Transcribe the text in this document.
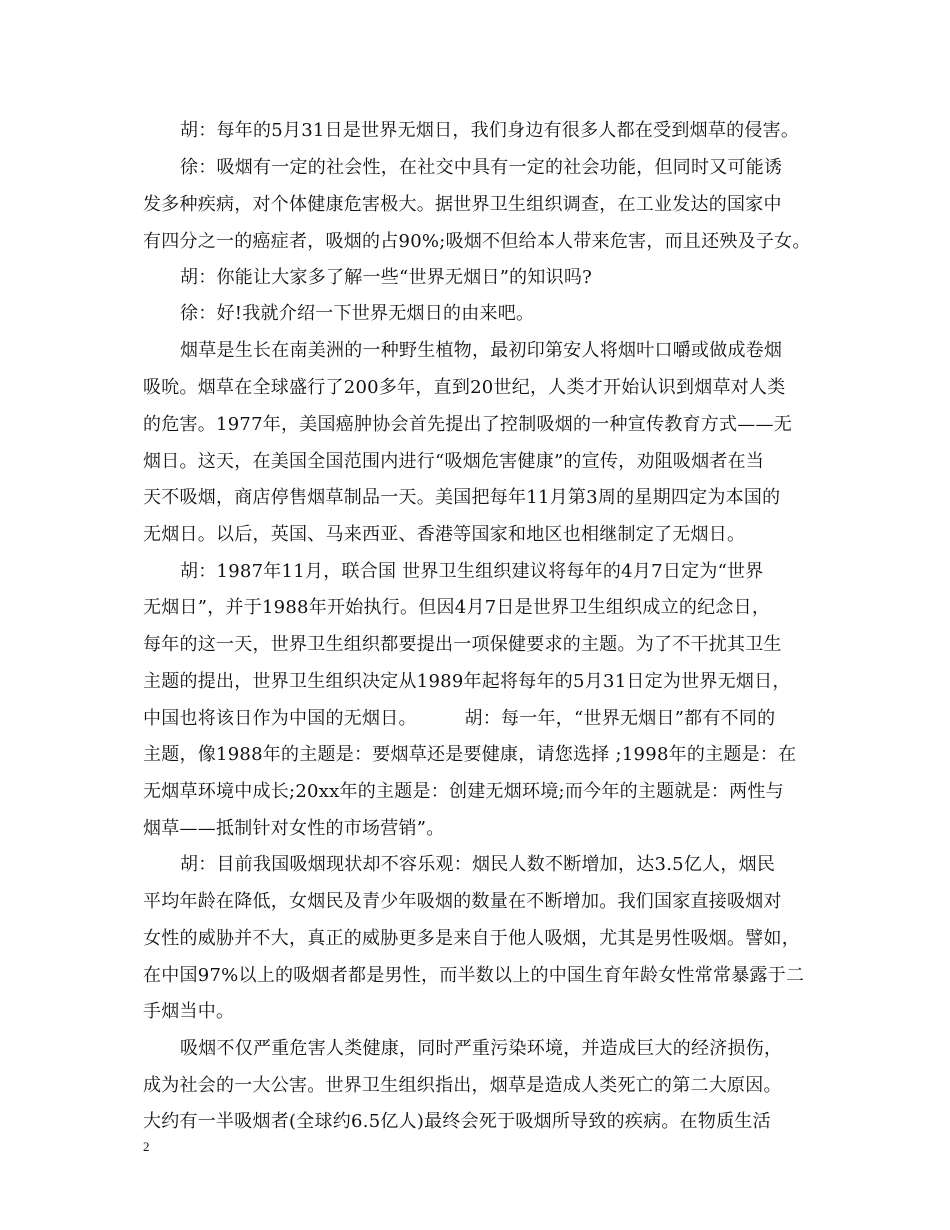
胡：每年的5月31日是世界无烟日，我们身边有很多人都在受到烟草的侵害。
徐：吸烟有一定的社会性，在社交中具有一定的社会功能，但同时又可能诱
发多种疾病，对个体健康危害极大。据世界卫生组织调查，在工业发达的国家中
有四分之一的癌症者，吸烟的占90%;吸烟不但给本人带来危害，而且还殃及子女。
胡：你能让大家多了解一些“世界无烟日”的知识吗?
徐：好!我就介绍一下世界无烟日的由来吧。
烟草是生长在南美洲的一种野生植物，最初印第安人将烟叶口嚼或做成卷烟
吸吮。烟草在全球盛行了200多年，直到20世纪，人类才开始认识到烟草对人类
的危害。1977年，美国癌肿协会首先提出了控制吸烟的一种宣传教育方式——无
烟日。这天，在美国全国范围内进行“吸烟危害健康”的宣传，劝阻吸烟者在当
天不吸烟，商店停售烟草制品一天。美国把每年11月第3周的星期四定为本国的
无烟日。以后，英国、马来西亚、香港等国家和地区也相继制定了无烟日。
胡：1987年11月，联合国 世界卫生组织建议将每年的4月7日定为“世界
无烟日”，并于1988年开始执行。但因4月7日是世界卫生组织成立的纪念日，
每年的这一天，世界卫生组织都要提出一项保健要求的主题。为了不干扰其卫生
主题的提出，世界卫生组织决定从1989年起将每年的5月31日定为世界无烟日，
中国也将该日作为中国的无烟日。        胡：每一年，“世界无烟日”都有不同的
主题，像1988年的主题是：要烟草还是要健康，请您选择 ;1998年的主题是：在
无烟草环境中成长;20xx年的主题是：创建无烟环境;而今年的主题就是：两性与
烟草——抵制针对女性的市场营销”。
胡：目前我国吸烟现状却不容乐观：烟民人数不断增加，达3.5亿人，烟民
平均年龄在降低，女烟民及青少年吸烟的数量在不断增加。我们国家直接吸烟对
女性的威胁并不大，真正的威胁更多是来自于他人吸烟，尤其是男性吸烟。譬如，
在中国97%以上的吸烟者都是男性，而半数以上的中国生育年龄女性常常暴露于二
手烟当中。
吸烟不仅严重危害人类健康，同时严重污染环境，并造成巨大的经济损伤，
成为社会的一大公害。世界卫生组织指出，烟草是造成人类死亡的第二大原因。
大约有一半吸烟者(全球约6.5亿人)最终会死于吸烟所导致的疾病。在物质生活
2
